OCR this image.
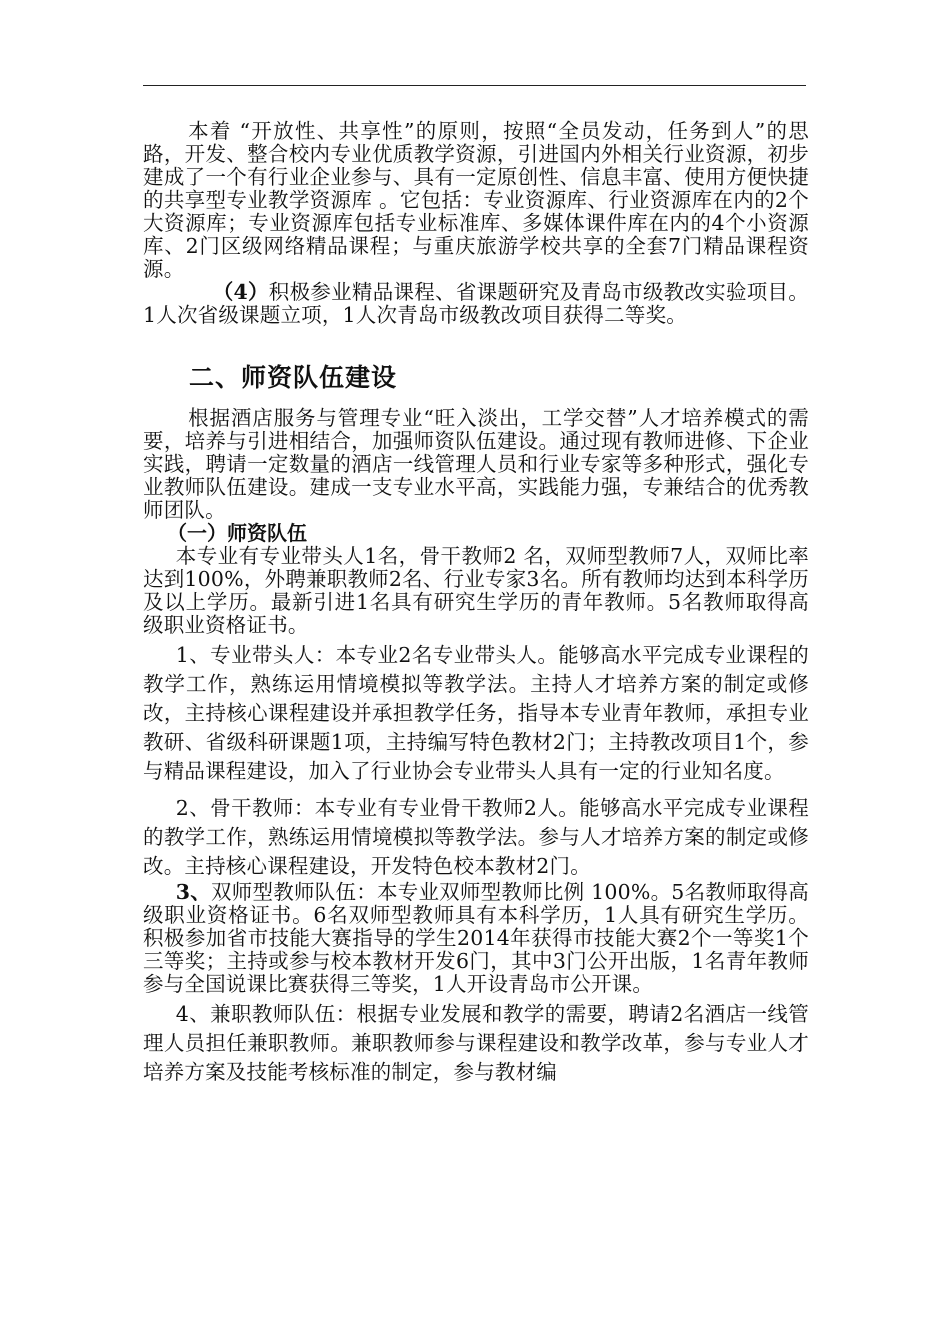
本着 “开放性、共享性”的原则，按照“全员发动，任务到人”的思路，开发、整合校内专业优质教学资源，引进国内外相关行业资源，初步建成了一个有行业企业参与、具有一定原创性、信息丰富、使用方便快捷的共享型专业教学资源库 。它包括：专业资源库、行业资源库在内的2个大资源库；专业资源库包括专业标准库、多媒体课件库在内的4个小资源库、2门区级网络精品课程；与重庆旅游学校共享的全套7门精品课程资源。

（4）积极参业精品课程、省课题研究及青岛市级教改实验项目。1人次省级课题立项，1人次青岛市级教改项目获得二等奖。

二、师资队伍建设

根据酒店服务与管理专业“旺入淡出，工学交替”人才培养模式的需要，培养与引进相结合，加强师资队伍建设。通过现有教师进修、下企业实践，聘请一定数量的酒店一线管理人员和行业专家等多种形式，强化专业教师队伍建设。建成一支专业水平高，实践能力强，专兼结合的优秀教师团队。

（一）师资队伍

本专业有专业带头人1名，骨干教师2 名，双师型教师7人，双师比率达到100%，外聘兼职教师2名、行业专家3名。所有教师均达到本科学历及以上学历。最新引进1名具有研究生学历的青年教师。5名教师取得高级职业资格证书。

1、专业带头人：本专业2名专业带头人。能够高水平完成专业课程的教学工作，熟练运用情境模拟等教学法。主持人才培养方案的制定或修改，主持核心课程建设并承担教学任务，指导本专业青年教师，承担专业教研、省级科研课题1项，主持编写特色教材2门；主持教改项目1个，参与精品课程建设，加入了行业协会专业带头人具有一定的行业知名度。

2、骨干教师：本专业有专业骨干教师2人。能够高水平完成专业课程的教学工作，熟练运用情境模拟等教学法。参与人才培养方案的制定或修改。主持核心课程建设，开发特色校本教材2门。

3、双师型教师队伍：本专业双师型教师比例 100%。5名教师取得高级职业资格证书。6名双师型教师具有本科学历，1人具有研究生学历。积极参加省市技能大赛指导的学生2014年获得市技能大赛2个一等奖1个三等奖；主持或参与校本教材开发6门，其中3门公开出版，1名青年教师参与全国说课比赛获得三等奖，1人开设青岛市公开课。

4、兼职教师队伍：根据专业发展和教学的需要，聘请2名酒店一线管理人员担任兼职教师。兼职教师参与课程建设和教学改革，参与专业人才培养方案及技能考核标准的制定，参与教材编
